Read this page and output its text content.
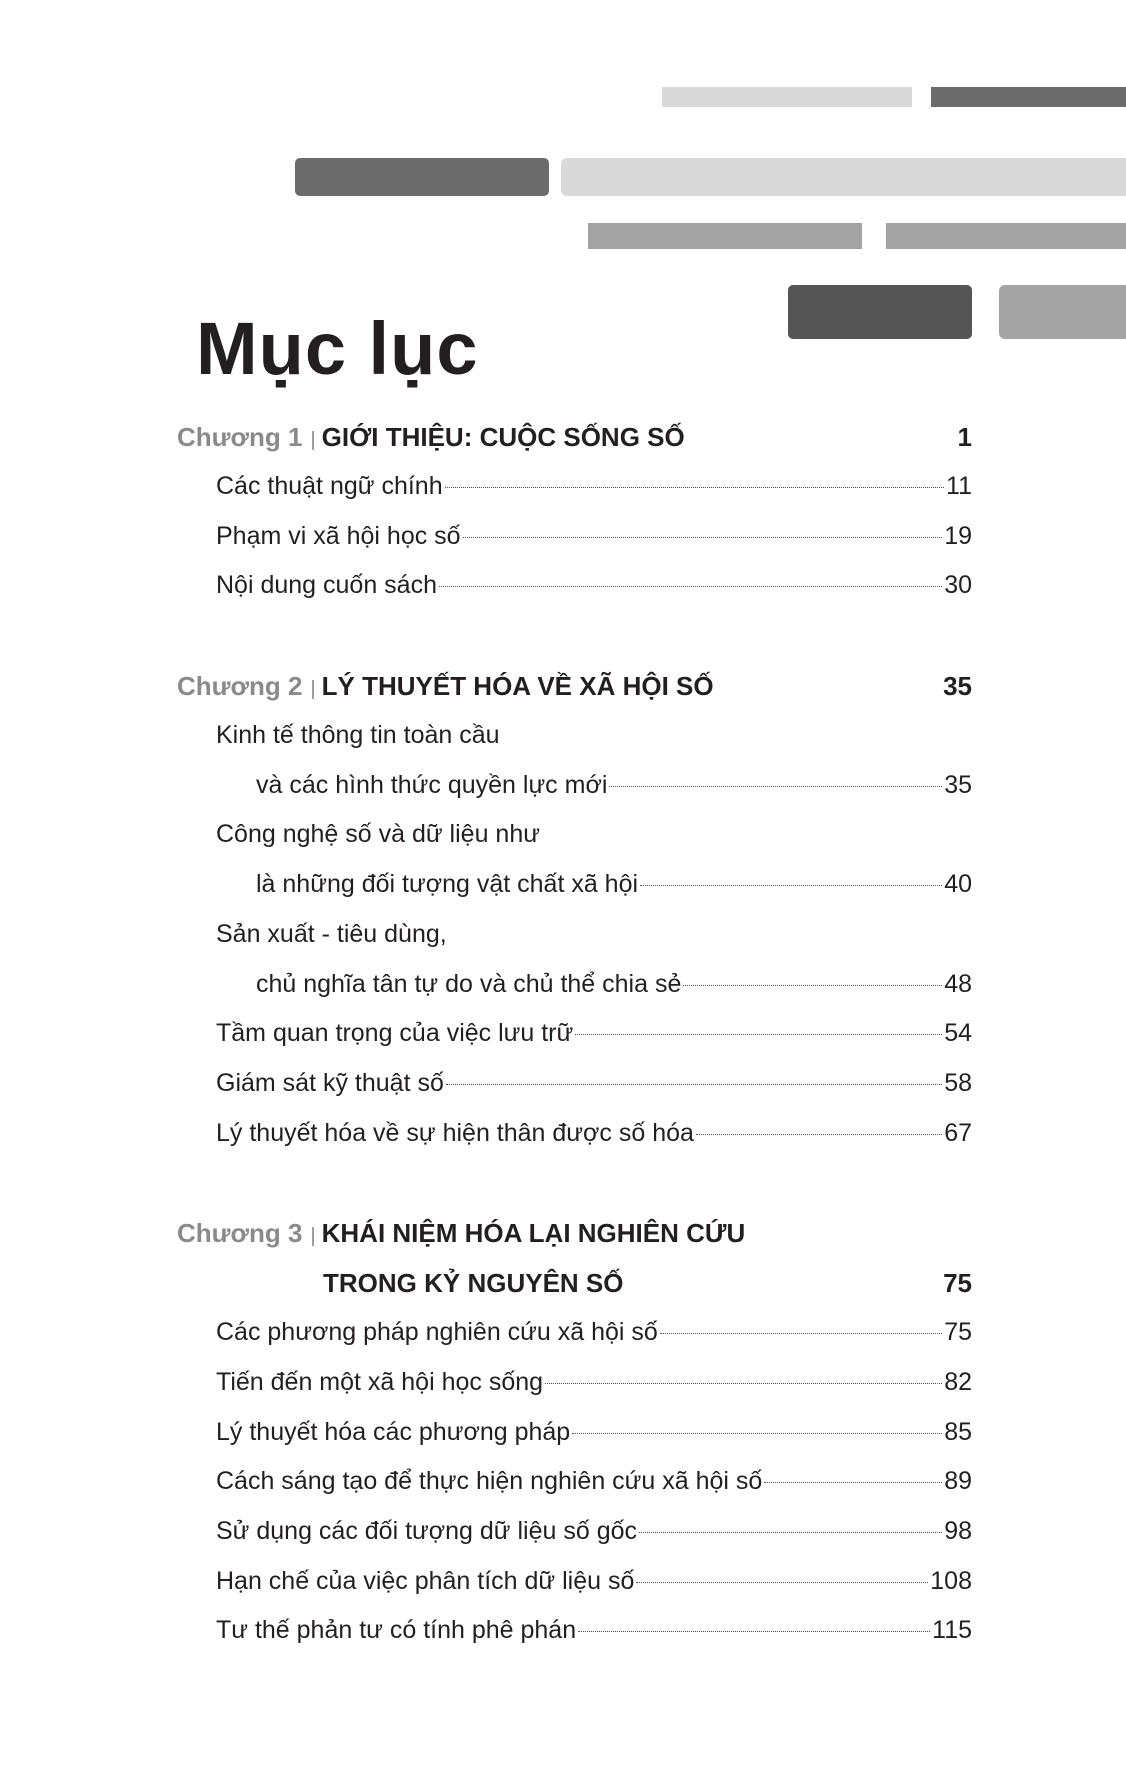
Mục lục
Chương 1 | GIỚI THIỆU: CUỘC SỐNG SỐ	1
Các thuật ngữ chính	11
Phạm vi xã hội học số	19
Nội dung cuốn sách	30
Chương 2 | LÝ THUYẾT HÓA VỀ XÃ HỘI SỐ	35
Kinh tế thông tin toàn cầu
và các hình thức quyền lực mới	35
Công nghệ số và dữ liệu như
là những đối tượng vật chất xã hội	40
Sản xuất - tiêu dùng,
chủ nghĩa tân tự do và chủ thể chia sẻ	48
Tầm quan trọng của việc lưu trữ	54
Giám sát kỹ thuật số	58
Lý thuyết hóa về sự hiện thân được số hóa	67
Chương 3 | KHÁI NIỆM HÓA LẠI NGHIÊN CỨU
TRONG KỶ NGUYÊN SỐ	75
Các phương pháp nghiên cứu xã hội số	75
Tiến đến một xã hội học sống	82
Lý thuyết hóa các phương pháp	85
Cách sáng tạo để thực hiện nghiên cứu xã hội số	89
Sử dụng các đối tượng dữ liệu số gốc	98
Hạn chế của việc phân tích dữ liệu số	108
Tư thế phản tư có tính phê phán	115
